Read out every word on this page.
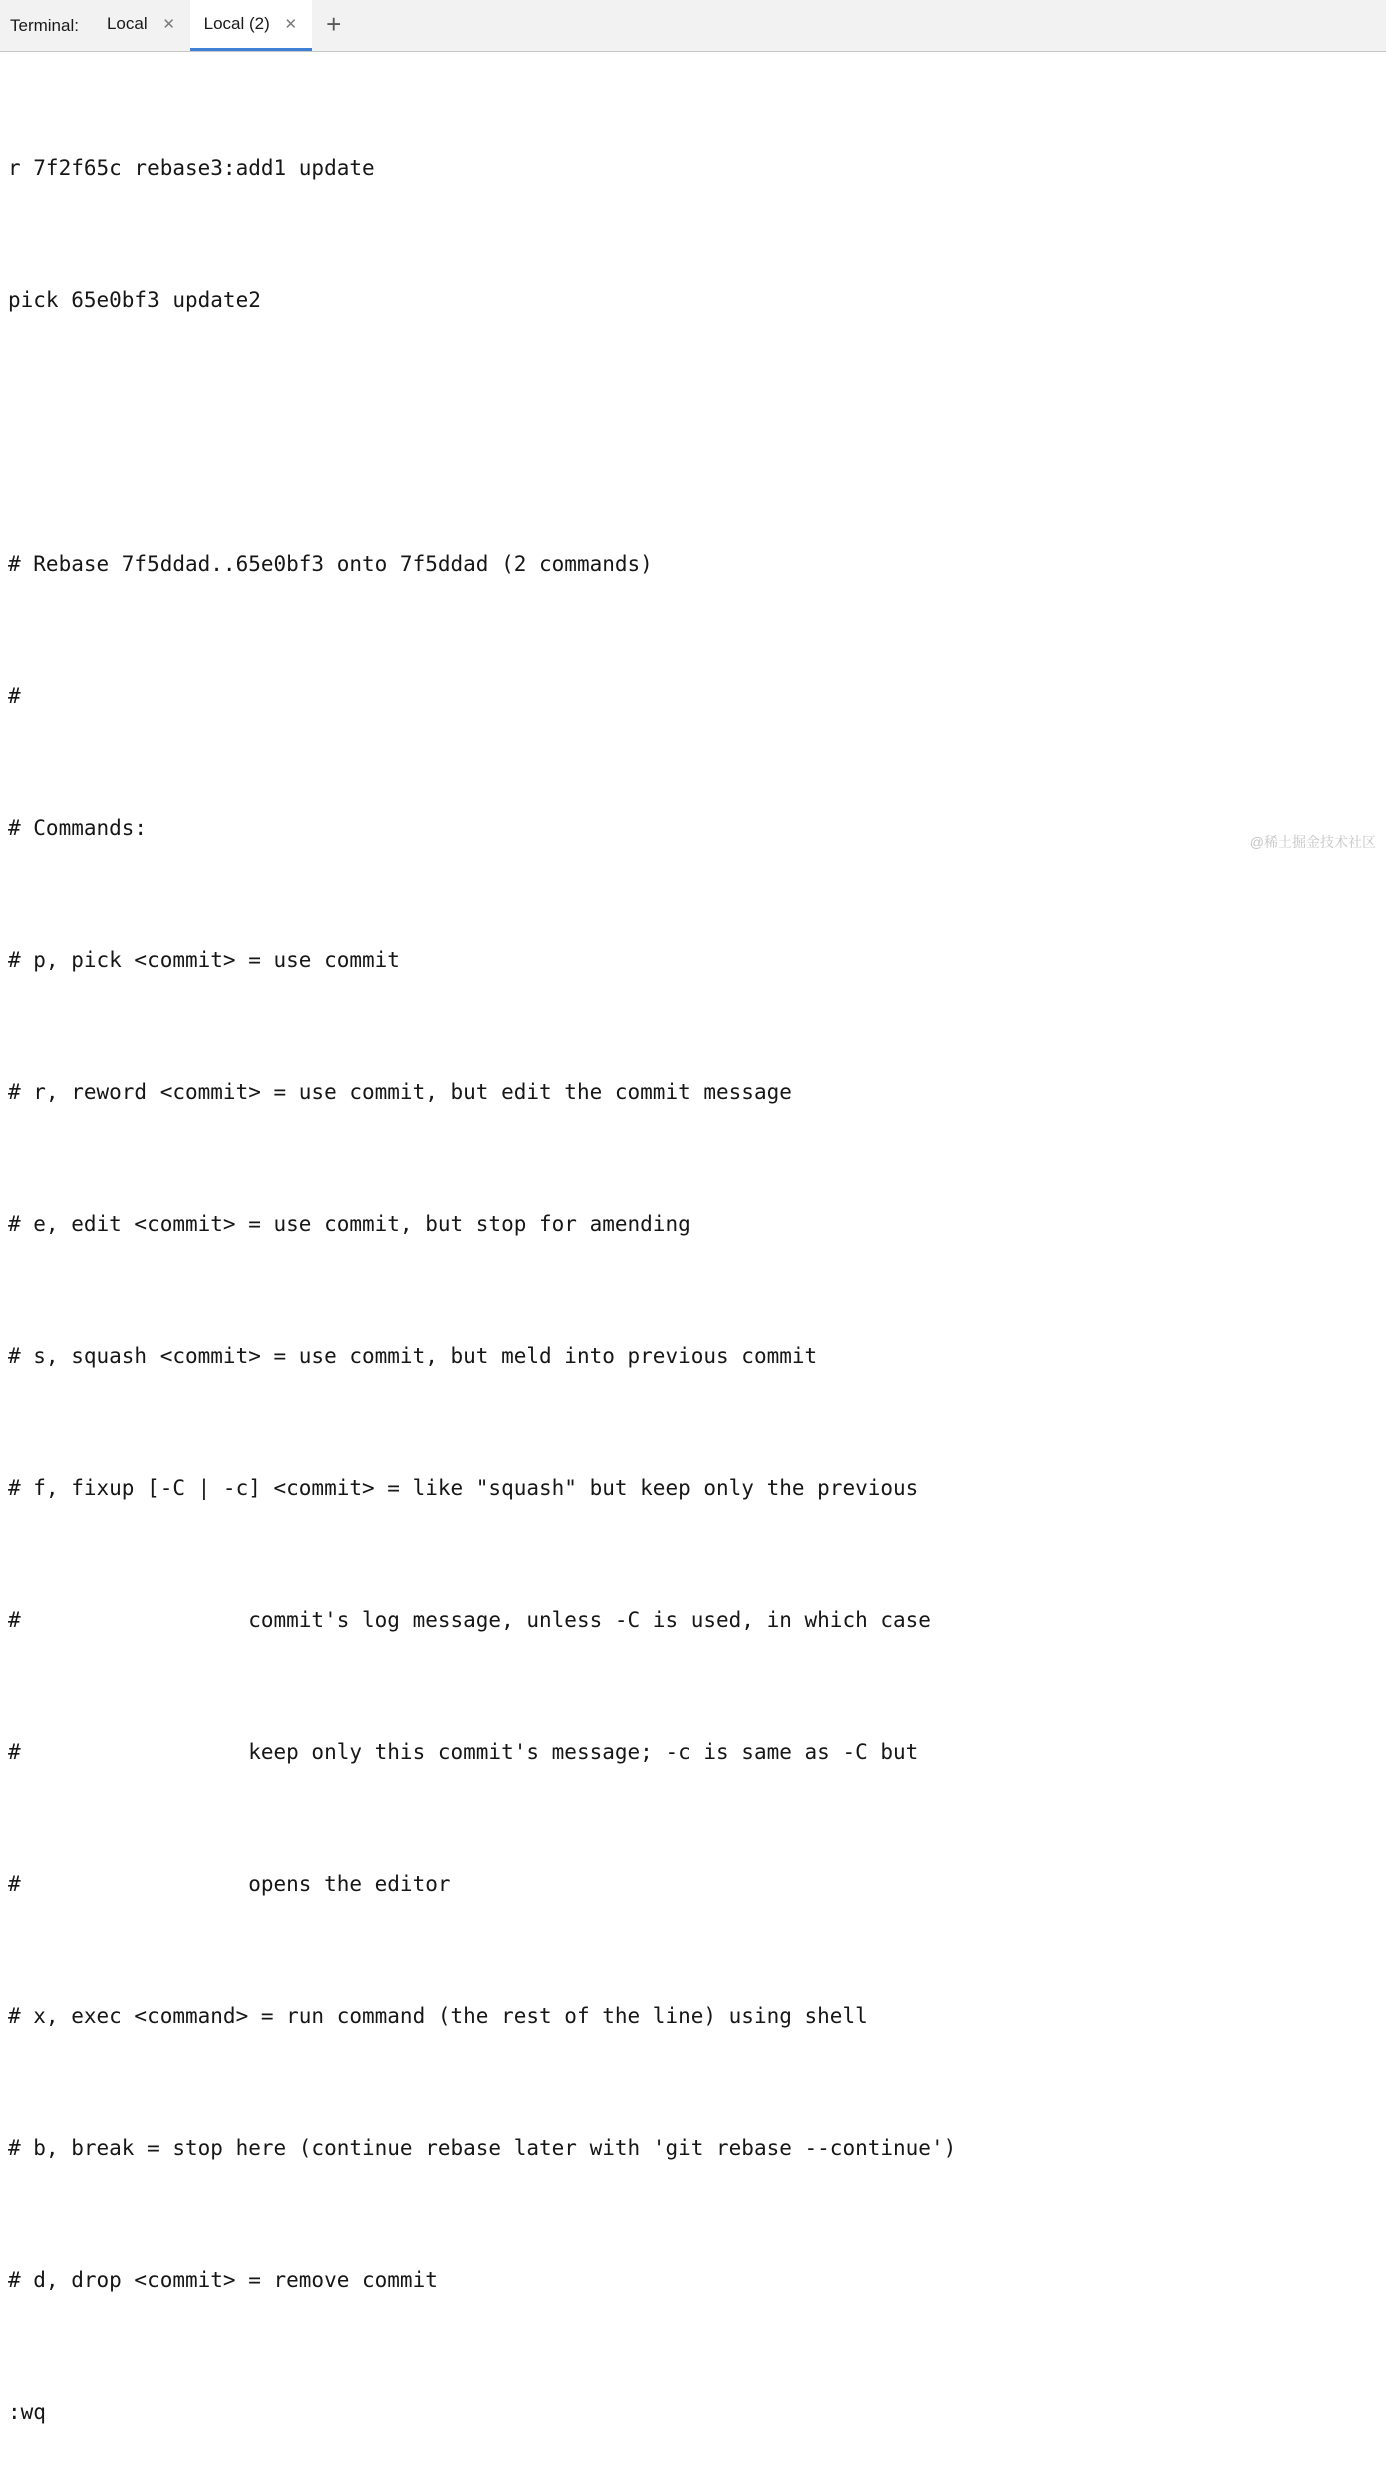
Terminal:	Local ✕ Local (2) ✕	+

r 7f2f65c rebase3:add1 update

pick 65e0bf3 update2

# Rebase 7f5ddad..65e0bf3 onto 7f5ddad (2 commands)

#

# Commands:

# p, pick <commit> = use commit

# r, reword <commit> = use commit, but edit the commit message

# e, edit <commit> = use commit, but stop for amending

# s, squash <commit> = use commit, but meld into previous commit

# f, fixup [-C | -c] <commit> = like "squash" but keep only the previous

#                  commit's log message, unless -C is used, in which case

#                  keep only this commit's message; -c is same as -C but

#                  opens the editor

# x, exec <command> = run command (the rest of the line) using shell

# b, break = stop here (continue rebase later with 'git rebase --continue')

# d, drop <commit> = remove commit

:wq

@稀土掘金技术社区
